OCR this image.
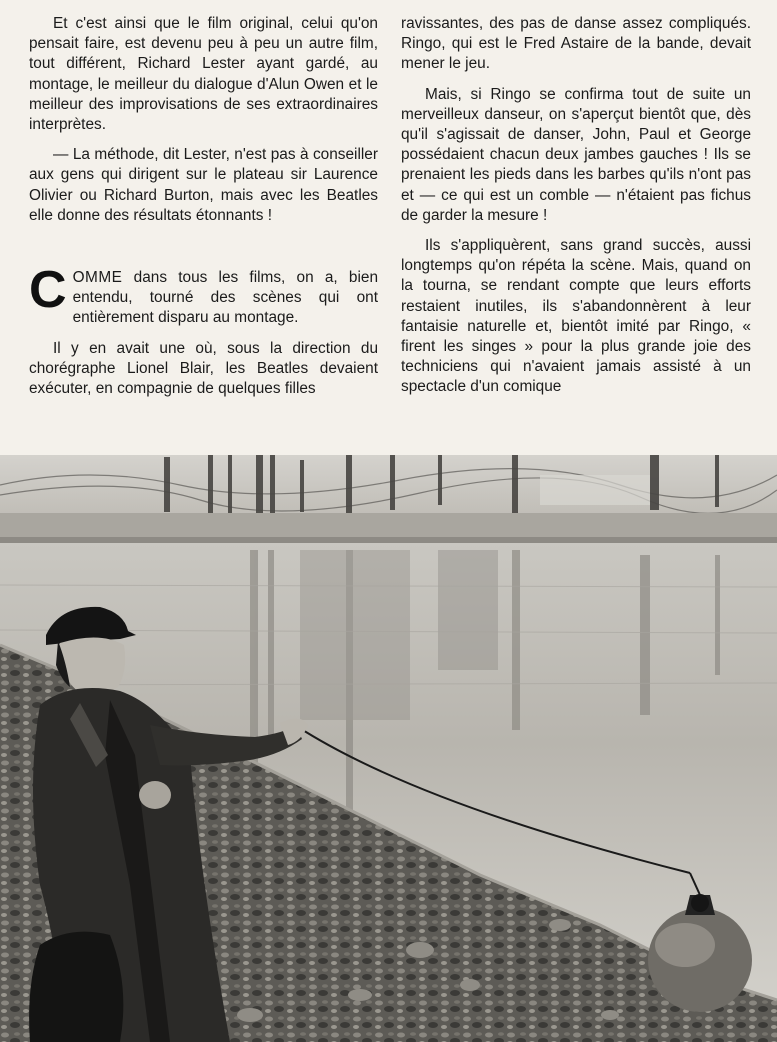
Et c'est ainsi que le film original, celui qu'on pensait faire, est devenu peu à peu un autre film, tout différent, Richard Lester ayant gardé, au montage, le meilleur du dialogue d'Alun Owen et le meilleur des improvisations de ses extraordinaires interprètes.

— La méthode, dit Lester, n'est pas à conseiller aux gens qui dirigent sur le plateau sir Laurence Olivier ou Richard Burton, mais avec les Beatles elle donne des résultats étonnants !

COMME dans tous les films, on a, bien entendu, tourné des scènes qui ont entièrement disparu au montage.

Il y en avait une où, sous la direction du chorégraphe Lionel Blair, les Beatles devaient exécuter, en compagnie de quelques filles

ravissantes, des pas de danse assez compliqués. Ringo, qui est le Fred Astaire de la bande, devait mener le jeu.

Mais, si Ringo se confirma tout de suite un merveilleux danseur, on s'aperçut bientôt que, dès qu'il s'agissait de danser, John, Paul et George possédaient chacun deux jambes gauches ! Ils se prenaient les pieds dans les barbes qu'ils n'ont pas et — ce qui est un comble — n'étaient pas fichus de garder la mesure !

Ils s'appliquèrent, sans grand succès, aussi longtemps qu'on répéta la scène. Mais, quand on la tourna, se rendant compte que leurs efforts restaient inutiles, ils s'abandonnèrent à leur fantaisie naturelle et, bientôt imité par Ringo, « firent les singes » pour la plus grande joie des techniciens qui n'avaient jamais assisté à un spectacle d'un comique
